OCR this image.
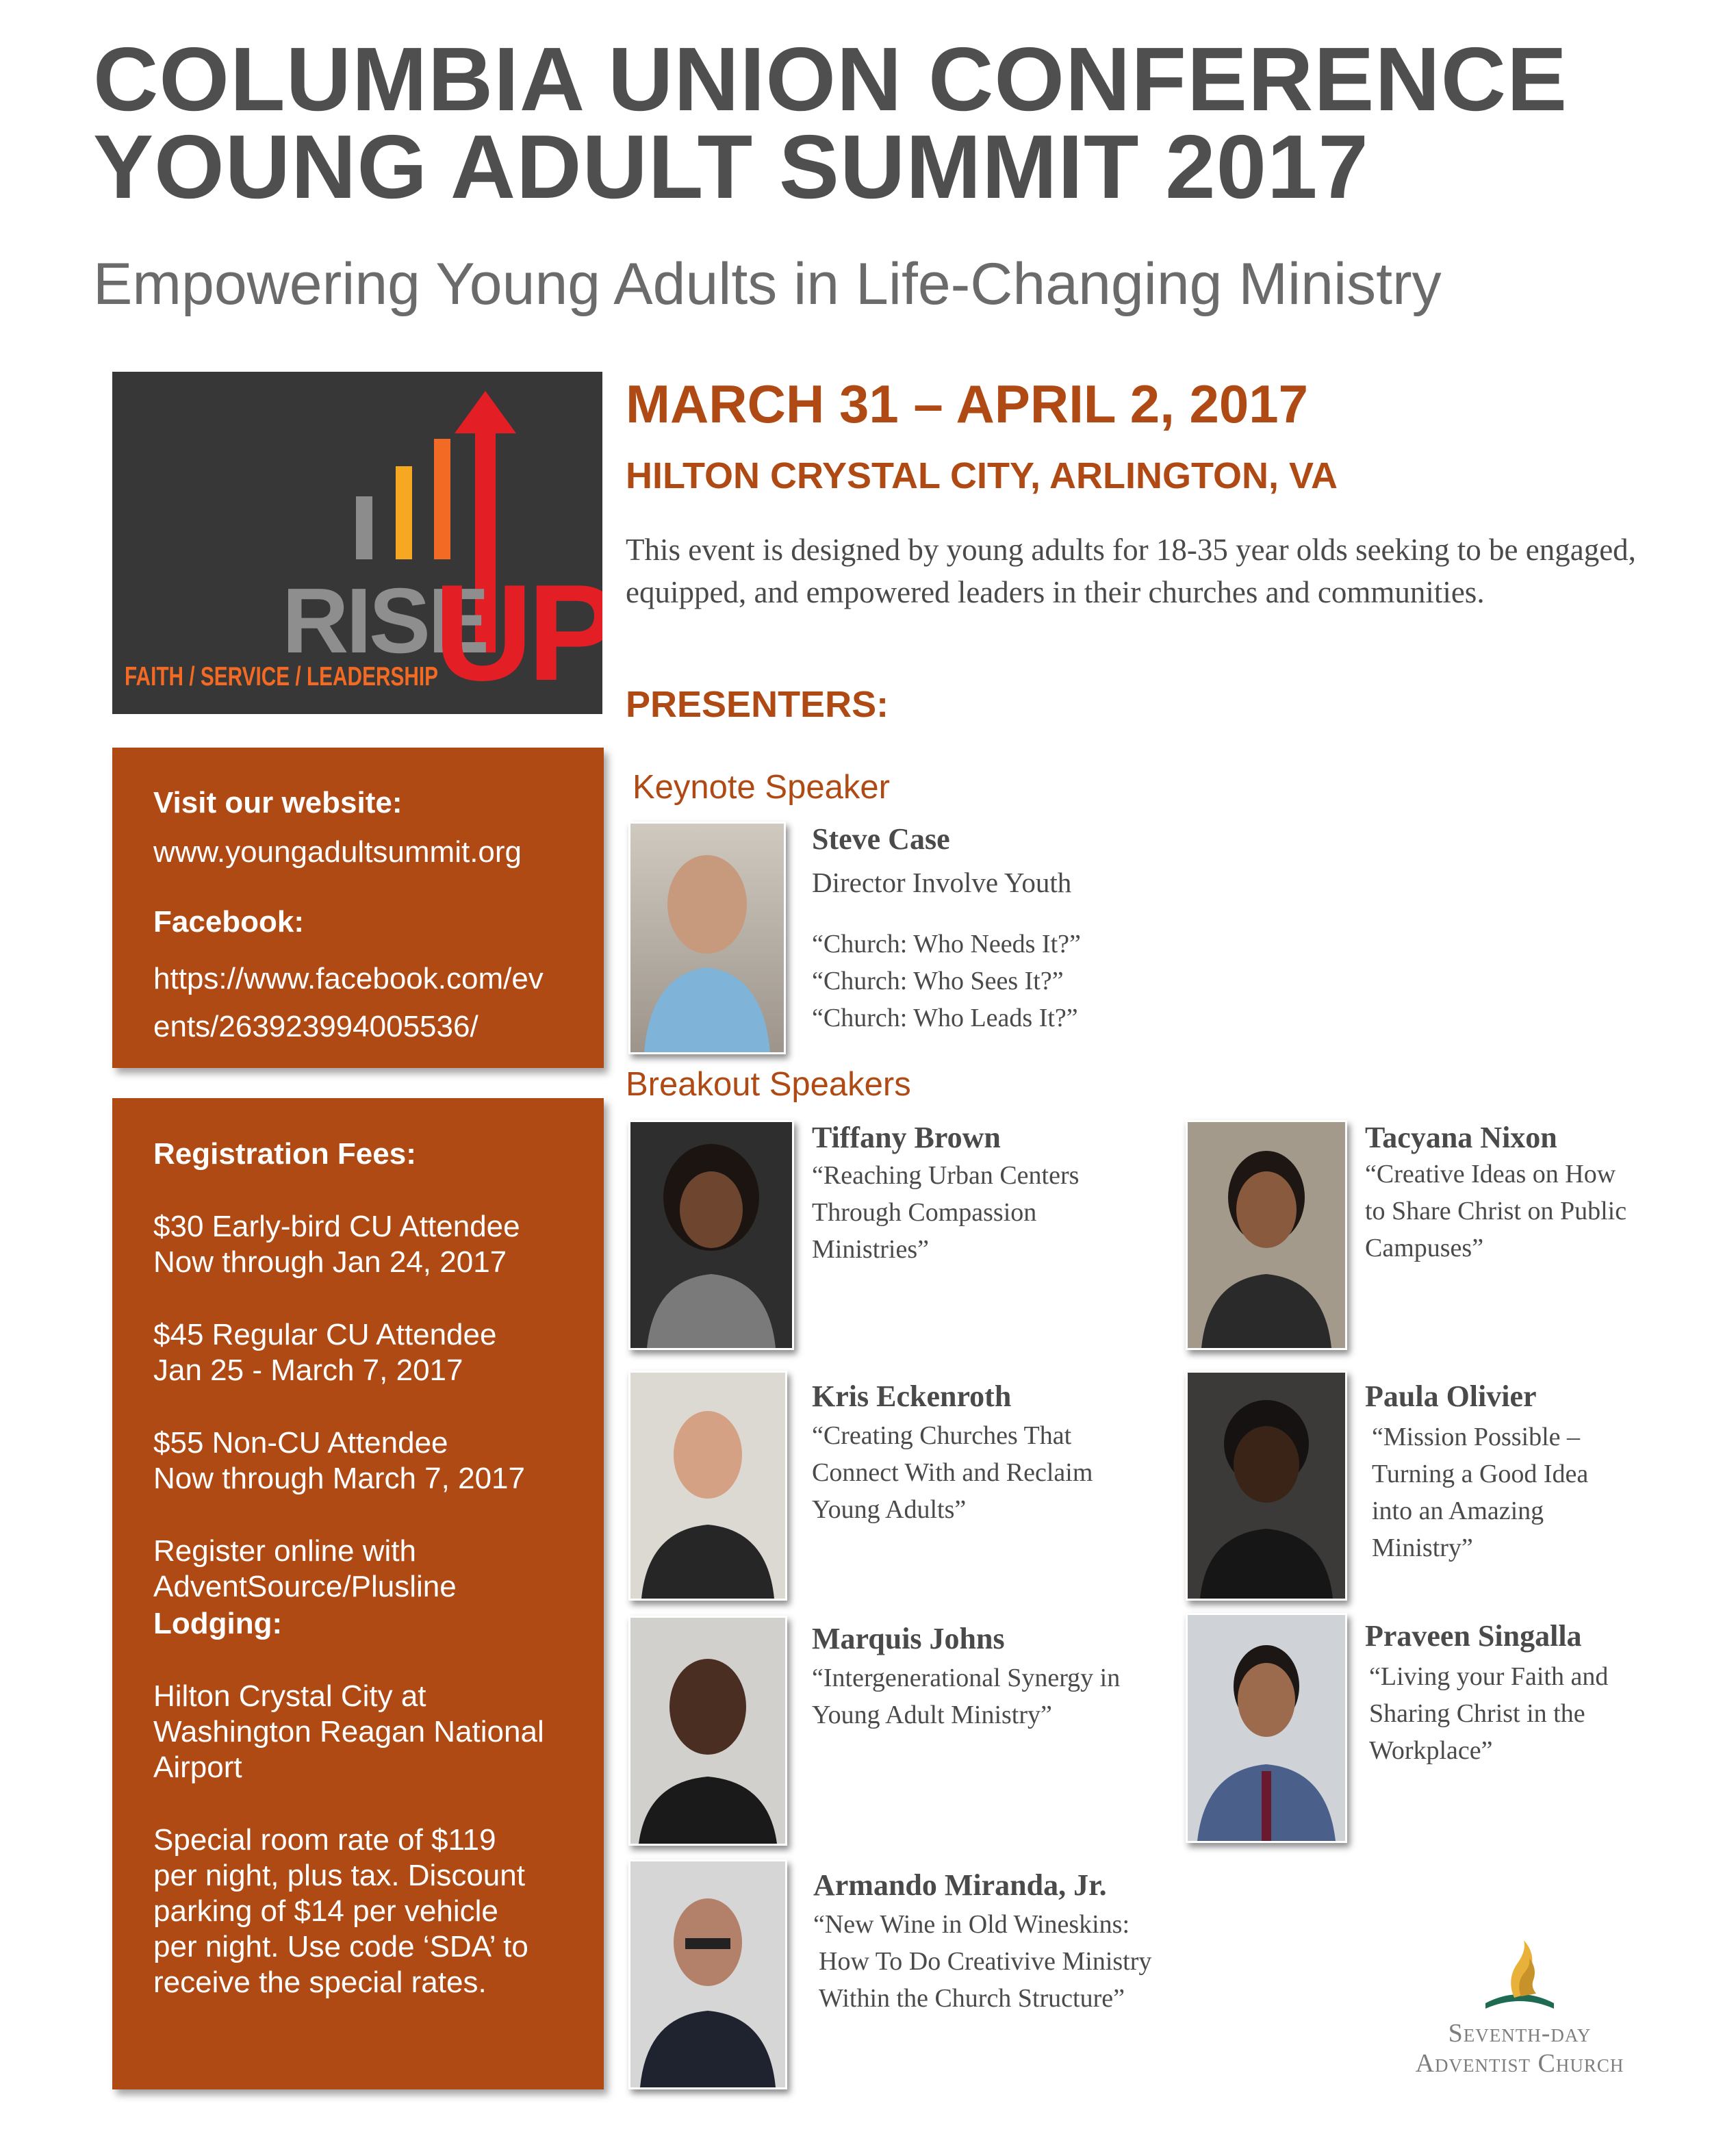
COLUMBIA UNION CONFERENCE
YOUNG ADULT SUMMIT 2017
Empowering Young Adults in Life-Changing Ministry
RISE
UP
FAITH / SERVICE / LEADERSHIP
MARCH 31 – APRIL 2, 2017
HILTON CRYSTAL CITY, ARLINGTON, VA
This event is designed by young adults for 18-35 year olds seeking to be engaged, equipped, and empowered leaders in their churches and communities.
PRESENTERS:
Visit our website:
www.youngadultsummit.org
Facebook:
https://www.facebook.com/ev
ents/263923994005536/
Registration Fees:
$30 Early-bird CU Attendee
Now through Jan 24, 2017
$45 Regular CU Attendee
Jan 25 - March 7, 2017
$55 Non-CU Attendee
Now through March 7, 2017
Register online with
AdventSource/Plusline
Lodging:
Hilton Crystal City at
Washington Reagan National
Airport
Special room rate of $119
per night, plus tax. Discount
parking of $14 per vehicle
per night. Use code ‘SDA’ to
receive the special rates.
Keynote Speaker
Steve Case
Director Involve Youth
“Church: Who Needs It?”
“Church: Who Sees It?”
“Church: Who Leads It?”
Breakout Speakers
Tiffany Brown
“Reaching Urban Centers
Through Compassion
Ministries”
Tacyana Nixon
“Creative Ideas on How
to Share Christ on Public
Campuses”
Kris Eckenroth
“Creating Churches That
Connect With and Reclaim
Young Adults”
Paula Olivier
“Mission Possible –
Turning a Good Idea
into an Amazing
Ministry”
Marquis Johns
“Intergenerational Synergy in
Young Adult Ministry”
Praveen Singalla
“Living your Faith and
Sharing Christ in the
Workplace”
Armando Miranda, Jr.
“New Wine in Old Wineskins:
How To Do Creativive Ministry
Within the Church Structure”
Seventh-day
Adventist Church
